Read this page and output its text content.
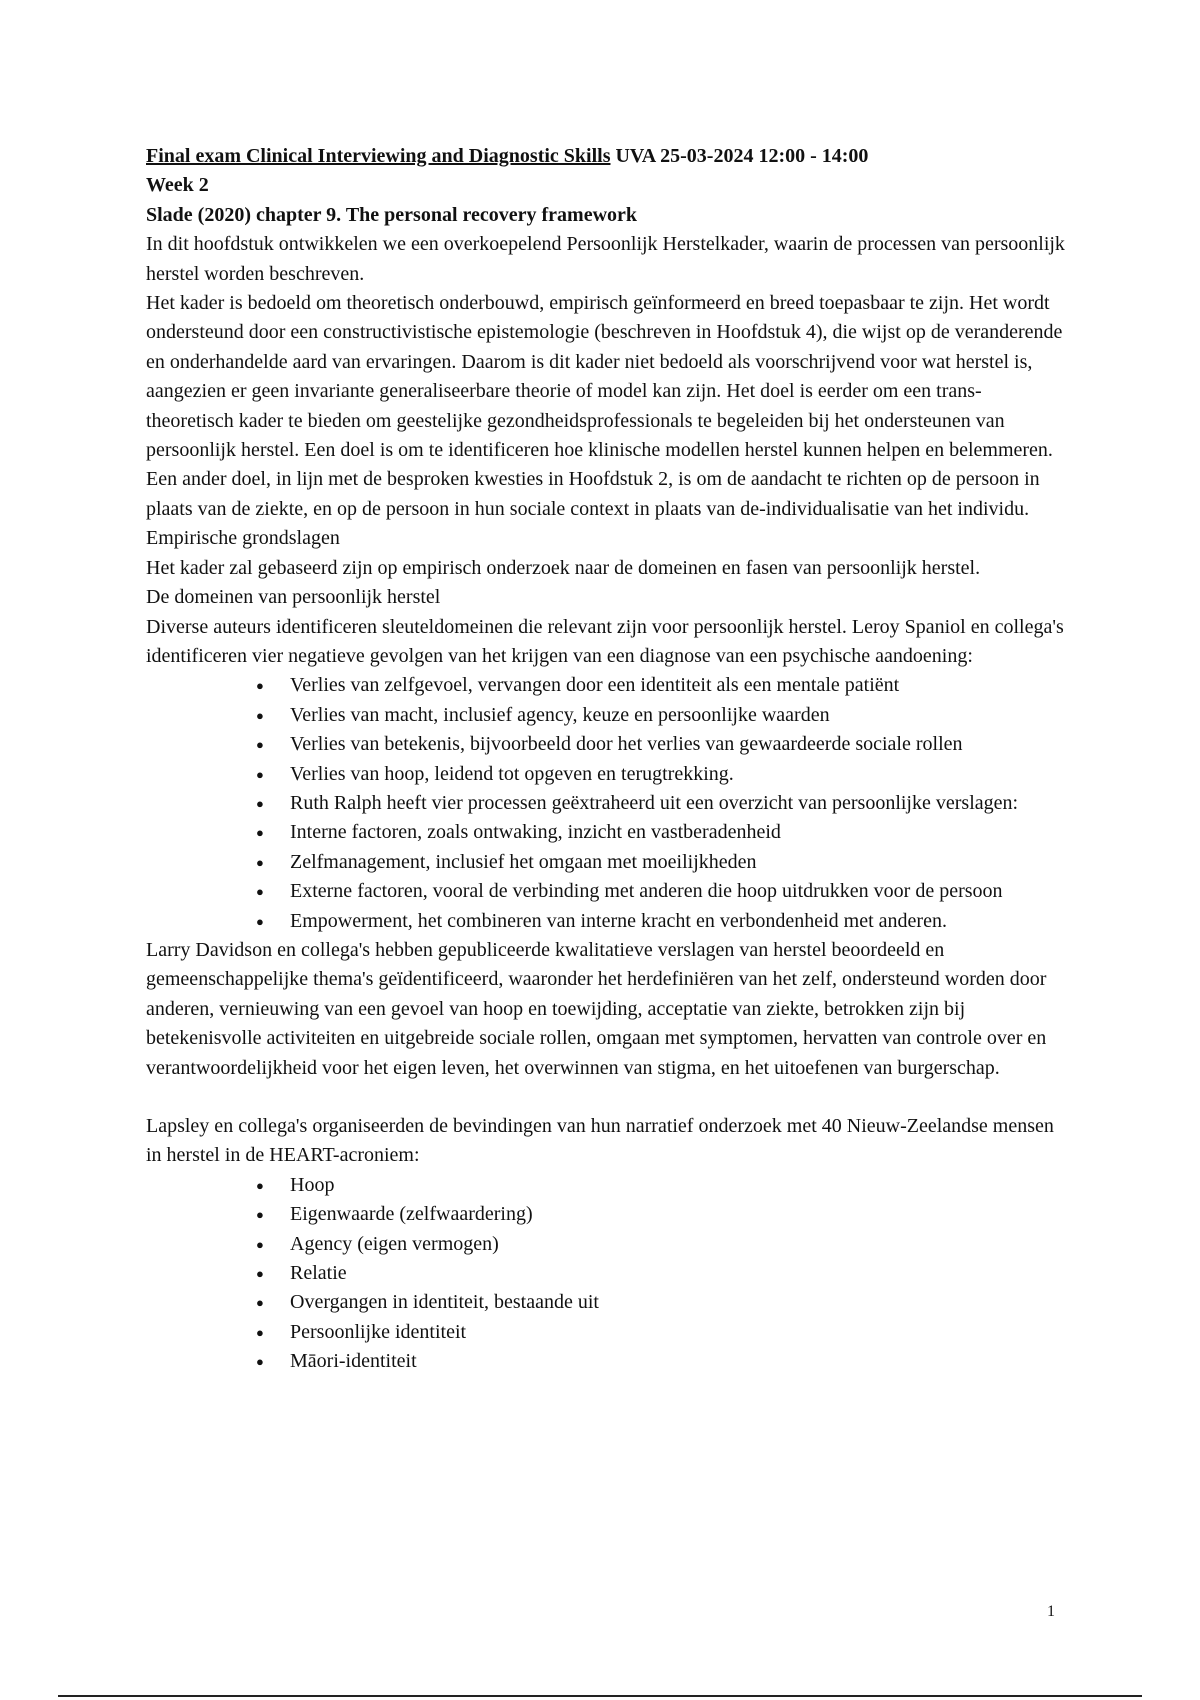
Final exam Clinical Interviewing and Diagnostic Skills UVA 25-03-2024 12:00 - 14:00

Week 2

Slade (2020) chapter 9. The personal recovery framework

In dit hoofdstuk ontwikkelen we een overkoepelend Persoonlijk Herstelkader, waarin de processen van persoonlijk herstel worden beschreven.

Het kader is bedoeld om theoretisch onderbouwd, empirisch geïnformeerd en breed toepasbaar te zijn. Het wordt ondersteund door een constructivistische epistemologie (beschreven in Hoofdstuk 4), die wijst op de veranderende en onderhandelde aard van ervaringen. Daarom is dit kader niet bedoeld als voorschrijvend voor wat herstel is, aangezien er geen invariante generaliseerbare theorie of model kan zijn. Het doel is eerder om een trans-theoretisch kader te bieden om geestelijke gezondheidsprofessionals te begeleiden bij het ondersteunen van persoonlijk herstel. Een doel is om te identificeren hoe klinische modellen herstel kunnen helpen en belemmeren. Een ander doel, in lijn met de besproken kwesties in Hoofdstuk 2, is om de aandacht te richten op de persoon in plaats van de ziekte, en op de persoon in hun sociale context in plaats van de-individualisatie van het individu.

Empirische grondslagen

Het kader zal gebaseerd zijn op empirisch onderzoek naar de domeinen en fasen van persoonlijk herstel.

De domeinen van persoonlijk herstel

Diverse auteurs identificeren sleuteldomeinen die relevant zijn voor persoonlijk herstel. Leroy Spaniol en collega's identificeren vier negatieve gevolgen van het krijgen van een diagnose van een psychische aandoening:

● Verlies van zelfgevoel, vervangen door een identiteit als een mentale patiënt
● Verlies van macht, inclusief agency, keuze en persoonlijke waarden
● Verlies van betekenis, bijvoorbeeld door het verlies van gewaardeerde sociale rollen
● Verlies van hoop, leidend tot opgeven en terugtrekking.
● Ruth Ralph heeft vier processen geëxtraheerd uit een overzicht van persoonlijke verslagen:
● Interne factoren, zoals ontwaking, inzicht en vastberadenheid
● Zelfmanagement, inclusief het omgaan met moeilijkheden
● Externe factoren, vooral de verbinding met anderen die hoop uitdrukken voor de persoon
● Empowerment, het combineren van interne kracht en verbondenheid met anderen.

Larry Davidson en collega's hebben gepubliceerde kwalitatieve verslagen van herstel beoordeeld en gemeenschappelijke thema's geïdentificeerd, waaronder het herdefiniëren van het zelf, ondersteund worden door anderen, vernieuwing van een gevoel van hoop en toewijding, acceptatie van ziekte, betrokken zijn bij betekenisvolle activiteiten en uitgebreide sociale rollen, omgaan met symptomen, hervatten van controle over en verantwoordelijkheid voor het eigen leven, het overwinnen van stigma, en het uitoefenen van burgerschap.

Lapsley en collega's organiseerden de bevindingen van hun narratief onderzoek met 40 Nieuw-Zeelandse mensen in herstel in de HEART-acroniem:

● Hoop
● Eigenwaarde (zelfwaardering)
● Agency (eigen vermogen)
● Relatie
● Overgangen in identiteit, bestaande uit
● Persoonlijke identiteit
● Māori-identiteit
1
